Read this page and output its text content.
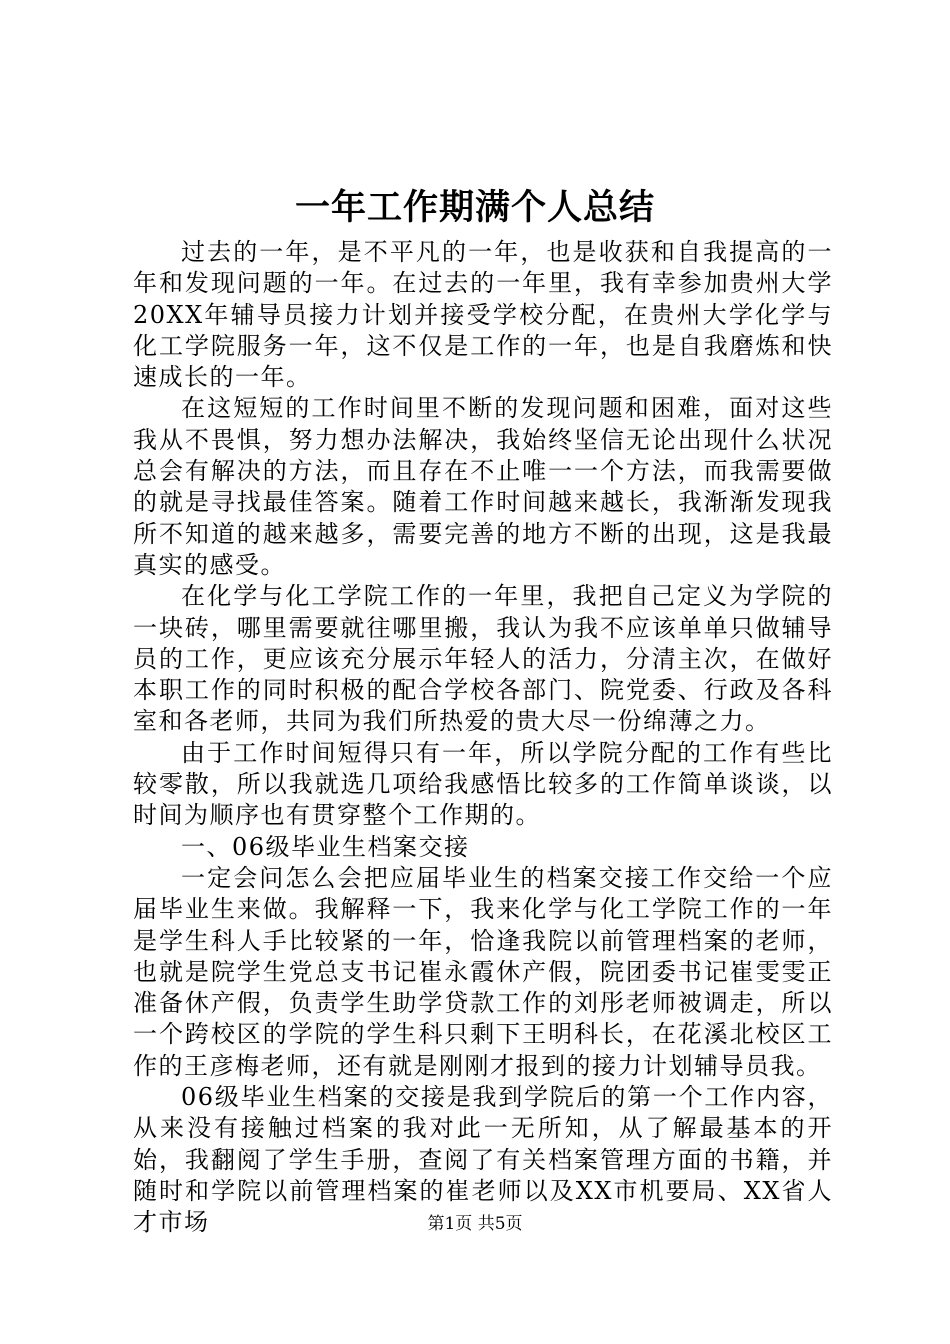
一年工作期满个人总结

过去的一年，是不平凡的一年，也是收获和自我提高的一年和发现问题的一年。在过去的一年里，我有幸参加贵州大学20XX年辅导员接力计划并接受学校分配，在贵州大学化学与化工学院服务一年，这不仅是工作的一年，也是自我磨炼和快速成长的一年。

在这短短的工作时间里不断的发现问题和困难，面对这些我从不畏惧，努力想办法解决，我始终坚信无论出现什么状况总会有解决的方法，而且存在不止唯一一个方法，而我需要做的就是寻找最佳答案。随着工作时间越来越长，我渐渐发现我所不知道的越来越多，需要完善的地方不断的出现，这是我最真实的感受。

在化学与化工学院工作的一年里，我把自己定义为学院的一块砖，哪里需要就往哪里搬，我认为我不应该单单只做辅导员的工作，更应该充分展示年轻人的活力，分清主次，在做好本职工作的同时积极的配合学校各部门、院党委、行政及各科室和各老师，共同为我们所热爱的贵大尽一份绵薄之力。

由于工作时间短得只有一年，所以学院分配的工作有些比较零散，所以我就选几项给我感悟比较多的工作简单谈谈，以时间为顺序也有贯穿整个工作期的。

一、06级毕业生档案交接

一定会问怎么会把应届毕业生的档案交接工作交给一个应届毕业生来做。我解释一下，我来化学与化工学院工作的一年是学生科人手比较紧的一年，恰逢我院以前管理档案的老师，也就是院学生党总支书记崔永霞休产假，院团委书记崔雯雯正准备休产假，负责学生助学贷款工作的刘彤老师被调走，所以一个跨校区的学院的学生科只剩下王明科长，在花溪北校区工作的王彦梅老师，还有就是刚刚才报到的接力计划辅导员我。

06级毕业生档案的交接是我到学院后的第一个工作内容，从来没有接触过档案的我对此一无所知，从了解最基本的开始，我翻阅了学生手册，查阅了有关档案管理方面的书籍，并随时和学院以前管理档案的崔老师以及XX市机要局、XX省人才市场	第1页 共5页
